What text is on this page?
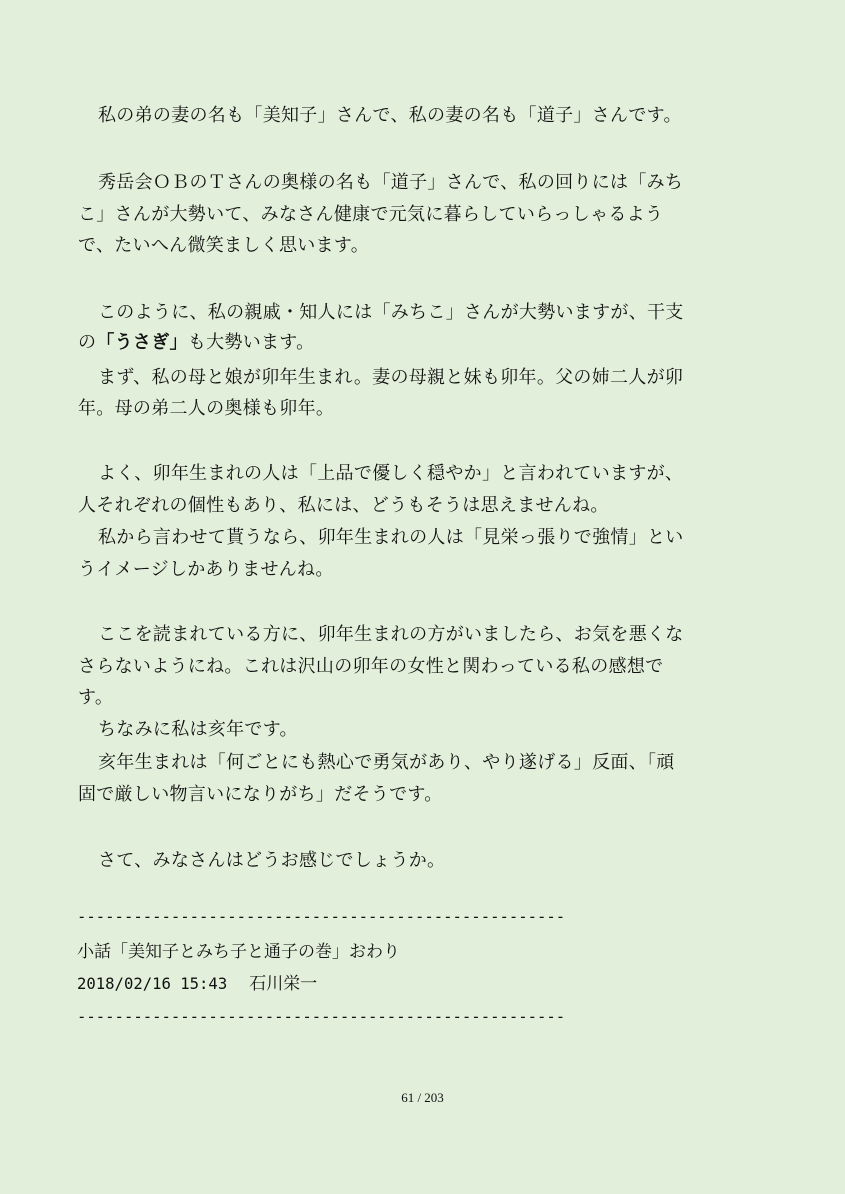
私の弟の妻の名も「美知子」さんで、私の妻の名も「道子」さんです。
秀岳会ＯＢのＴさんの奥様の名も「道子」さんで、私の回りには「みち
こ」さんが大勢いて、みなさん健康で元気に暮らしていらっしゃるよう
で、たいへん微笑ましく思います。
このように、私の親戚・知人には「みちこ」さんが大勢いますが、干支
の「うさぎ」も大勢います。
まず、私の母と娘が卯年生まれ。妻の母親と妹も卯年。父の姉二人が卯
年。母の弟二人の奥様も卯年。
よく、卯年生まれの人は「上品で優しく穏やか」と言われていますが、
人それぞれの個性もあり、私には、どうもそうは思えませんね。
私から言わせて貰うなら、卯年生まれの人は「見栄っ張りで強情」とい
うイメージしかありませんね。
ここを読まれている方に、卯年生まれの方がいましたら、お気を悪くな
さらないようにね。これは沢山の卯年の女性と関わっている私の感想で
す。
ちなみに私は亥年です。
亥年生まれは「何ごとにも熱心で勇気があり、やり遂げる」反面、「頑
固で厳しい物言いになりがち」だそうです。
さて、みなさんはどうお感じでしょうか。
----------------------------------------------------
小話「美知子とみち子と通子の巻」おわり
2018/02/16 15:43 石川栄一
----------------------------------------------------
61 / 203
